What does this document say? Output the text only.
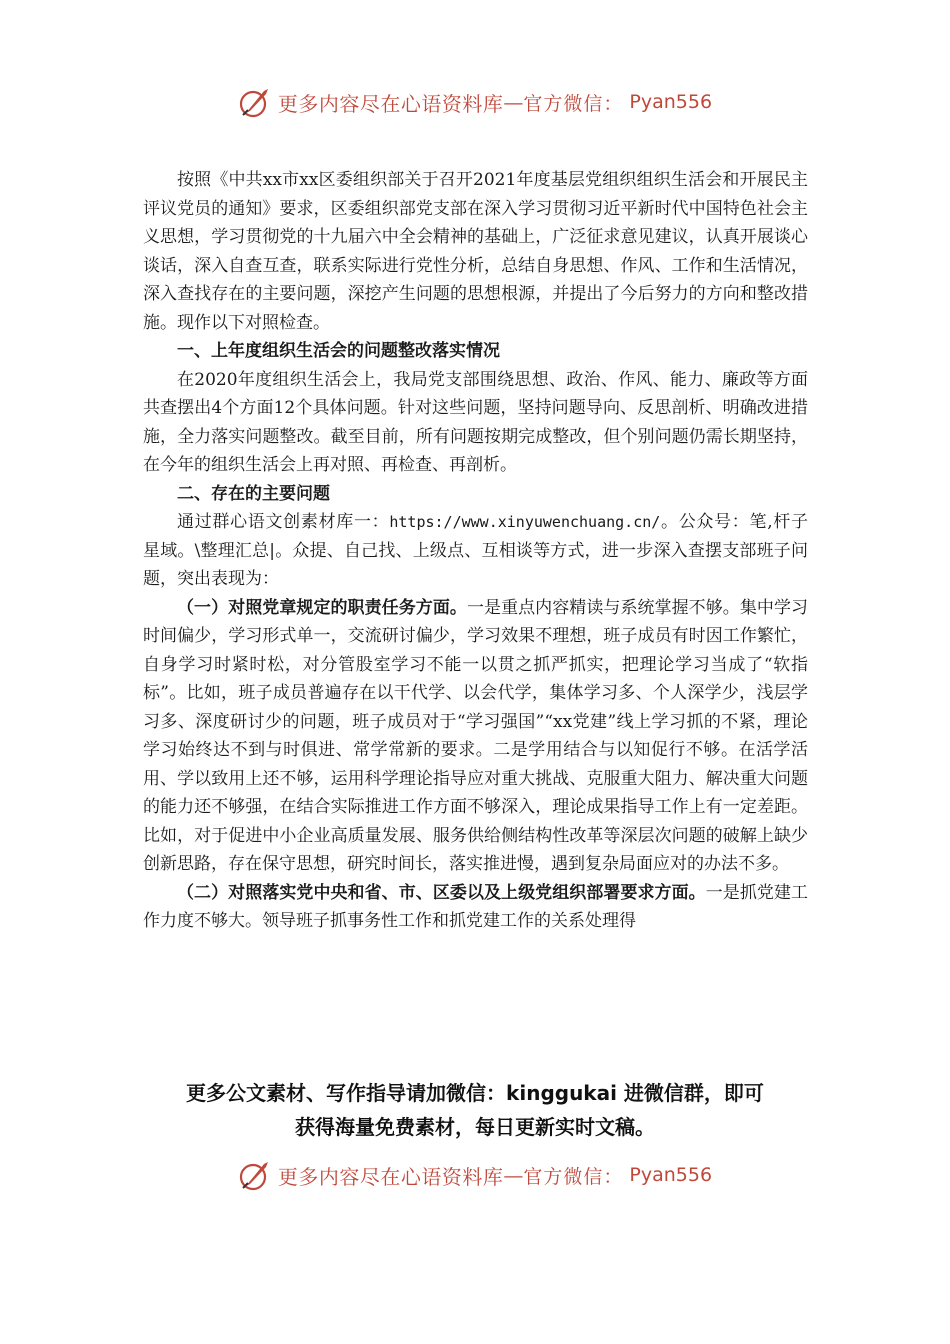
更多内容尽在心语资料库 — 官方微信： Pyan556

按照《中共xx市xx区委组织部关于召开2021年度基层党组织组织生活会和开展民主评议党员的通知》要求，区委组织部党支部在深入学习贯彻习近平新时代中国特色社会主义思想，学习贯彻党的十九届六中全会精神的基础上，广泛征求意见建议，认真开展谈心谈话，深入自查互查，联系实际进行党性分析，总结自身思想、作风、工作和生活情况，深入查找存在的主要问题，深挖产生问题的思想根源，并提出了今后努力的方向和整改措施。现作以下对照检查。

一、上年度组织生活会的问题整改落实情况

在2020年度组织生活会上，我局党支部围绕思想、政治、作风、能力、廉政等方面共查摆出4个方面12个具体问题。针对这些问题，坚持问题导向、反思剖析、明确改进措施，全力落实问题整改。截至目前，所有问题按期完成整改，但个别问题仍需长期坚持，在今年的组织生活会上再对照、再检查、再剖析。

二、存在的主要问题

通过群心语文创素材库一：https://www.xinyuwenchuang.cn/。公众号：笔,杆子星域。\整理汇总|。众提、自己找、上级点、互相谈等方式，进一步深入查摆支部班子问题，突出表现为：

（一）对照党章规定的职责任务方面。一是重点内容精读与系统掌握不够。集中学习时间偏少，学习形式单一，交流研讨偏少，学习效果不理想，班子成员有时因工作繁忙，自身学习时紧时松，对分管股室学习不能一以贯之抓严抓实，把理论学习当成了“软指标”。比如，班子成员普遍存在以干代学、以会代学，集体学习多、个人深学少，浅层学习多、深度研讨少的问题，班子成员对于“学习强国”“xx党建”线上学习抓的不紧，理论学习始终达不到与时俱进、常学常新的要求。二是学用结合与以知促行不够。在活学活用、学以致用上还不够，运用科学理论指导应对重大挑战、克服重大阻力、解决重大问题的能力还不够强，在结合实际推进工作方面不够深入，理论成果指导工作上有一定差距。比如，对于促进中小企业高质量发展、服务供给侧结构性改革等深层次问题的破解上缺少创新思路，存在保守思想，研究时间长，落实推进慢，遇到复杂局面应对的办法不多。

（二）对照落实党中央和省、市、区委以及上级党组织部署要求方面。一是抓党建工作力度不够大。领导班子抓事务性工作和抓党建工作的关系处理得

更多公文素材、写作指导请加微信：kinggukai 进微信群，即可
获得海量免费素材，每日更新实时文稿。
更多内容尽在心语资料库 — 官方微信： Pyan556
